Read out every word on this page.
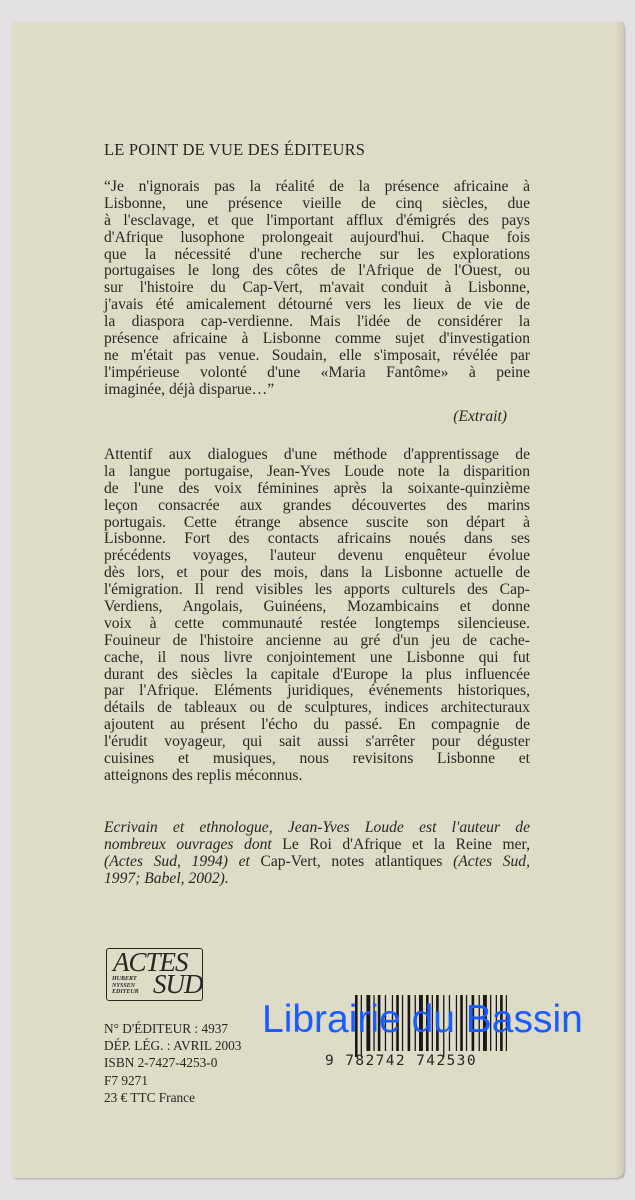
LE POINT DE VUE DES ÉDITEURS
“Je n'ignorais pas la réalité de la présence africaine à
Lisbonne, une présence vieille de cinq siècles, due
à l'esclavage, et que l'important afflux d'émigrés des pays
d'Afrique lusophone prolongeait aujourd'hui. Chaque fois
que la nécessité d'une recherche sur les explorations
portugaises le long des côtes de l'Afrique de l'Ouest, ou
sur l'histoire du Cap-Vert, m'avait conduit à Lisbonne,
j'avais été amicalement détourné vers les lieux de vie de
la diaspora cap-verdienne. Mais l'idée de considérer la
présence africaine à Lisbonne comme sujet d'investigation
ne m'était pas venue. Soudain, elle s'imposait, révélée par
l'impérieuse volonté d'une «Maria Fantôme» à peine
imaginée, déjà disparue…”
(Extrait)
Attentif aux dialogues d'une méthode d'apprentissage de
la langue portugaise, Jean-Yves Loude note la disparition
de l'une des voix féminines après la soixante-quinzième
leçon consacrée aux grandes découvertes des marins
portugais. Cette étrange absence suscite son départ à
Lisbonne. Fort des contacts africains noués dans ses
précédents voyages, l'auteur devenu enquêteur évolue
dès lors, et pour des mois, dans la Lisbonne actuelle de
l'émigration. Il rend visibles les apports culturels des Cap-
Verdiens, Angolais, Guinéens, Mozambicains et donne
voix à cette communauté restée longtemps silencieuse.
Fouineur de l'histoire ancienne au gré d'un jeu de cache-
cache, il nous livre conjointement une Lisbonne qui fut
durant des siècles la capitale d'Europe la plus influencée
par l'Afrique. Eléments juridiques, événements historiques,
détails de tableaux ou de sculptures, indices architecturaux
ajoutent au présent l'écho du passé. En compagnie de
l'érudit voyageur, qui sait aussi s'arrêter pour déguster
cuisines et musiques, nous revisitons Lisbonne et
atteignons des replis méconnus.
Ecrivain et ethnologue, Jean-Yves Loude est l'auteur de
nombreux ouvrages dont Le Roi d'Afrique et la Reine mer,
(Actes Sud, 1994) et Cap-Vert, notes atlantiques (Actes Sud,
1997; Babel, 2002).
ACTES
HUBERT
NYSSEN
EDITEUR SUD
N° D'ÉDITEUR : 4937
DÉP. LÉG. : AVRIL 2003
ISBN 2-7427-4253-0
F7 9271
23 € TTC France
9 782742 742530
Librairie du Bassin
